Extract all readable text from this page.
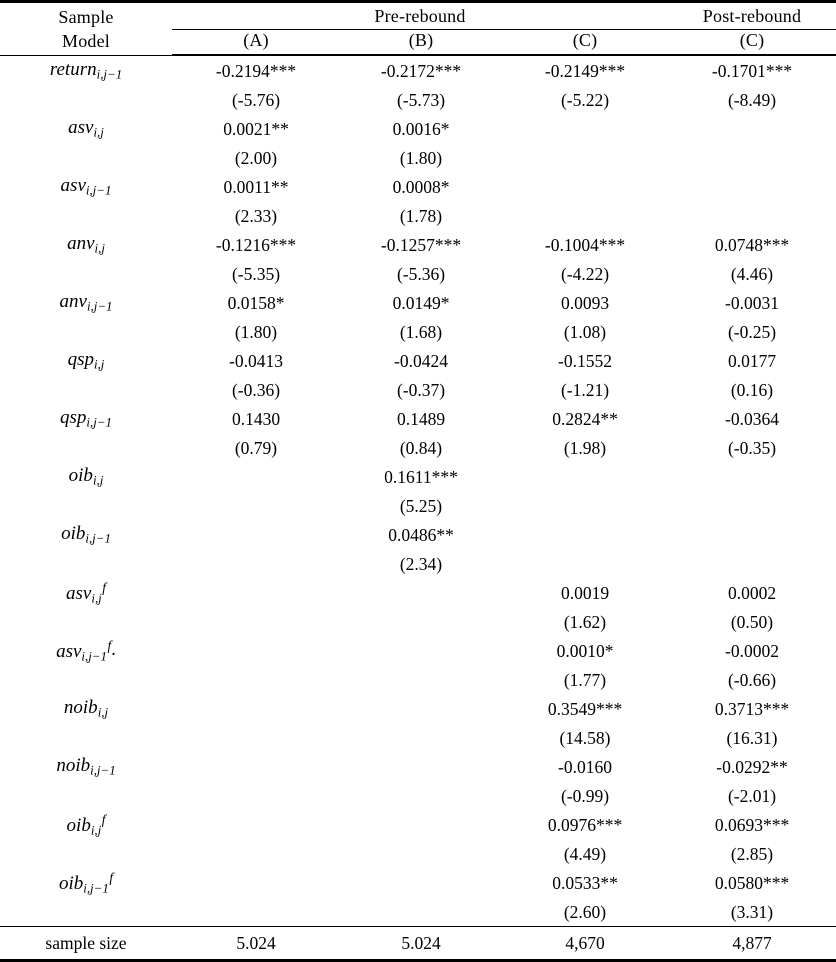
Sample	Pre-rebound			Post-rebound
Model	(A)	(B)	(C)	(C)

return$_{i,j-1}$	-0.2194***	-0.2172***	-0.2149***	-0.1701***
	(-5.76)	(-5.73)	(-5.22)	(-8.49)
asv$_{i,j}$	0.0021**	0.0016*		
	(2.00)	(1.80)		
asv$_{i,j-1}$	0.0011**	0.0008*		
	(2.33)	(1.78)		
anv$_{i,j}$	-0.1216***	-0.1257***	-0.1004***	0.0748***
	(-5.35)	(-5.36)	(-4.22)	(4.46)
anv$_{i,j-1}$	0.0158*	0.0149*	0.0093	-0.0031
	(1.80)	(1.68)	(1.08)	(-0.25)
qsp$_{i,j}$	-0.0413	-0.0424	-0.1552	0.0177
	(-0.36)	(-0.37)	(-1.21)	(0.16)
qsp$_{i,j-1}$	0.1430	0.1489	0.2824**	-0.0364
	(0.79)	(0.84)	(1.98)	(-0.35)
oib$_{i,j}$		0.1611***		
		(5.25)		
oib$_{i,j-1}$		0.0486**		
		(2.34)		
asv$_{i,j}^f$			0.0019	0.0002
			(1.62)	(0.50)
asv$_{i,j-1}^f$.			0.0010*	-0.0002
			(1.77)	(-0.66)
noib$_{i,j}$			0.3549***	0.3713***
			(14.58)	(16.31)
noib$_{i,j-1}$			-0.0160	-0.0292**
			(-0.99)	(-2.01)
oib$_{i,j}^f$			0.0976***	0.0693***
			(4.49)	(2.85)
oib$_{i,j-1}^f$			0.0533**	0.0580***
			(2.60)	(3.31)

sample size	5.024	5.024	4,670	4,877
